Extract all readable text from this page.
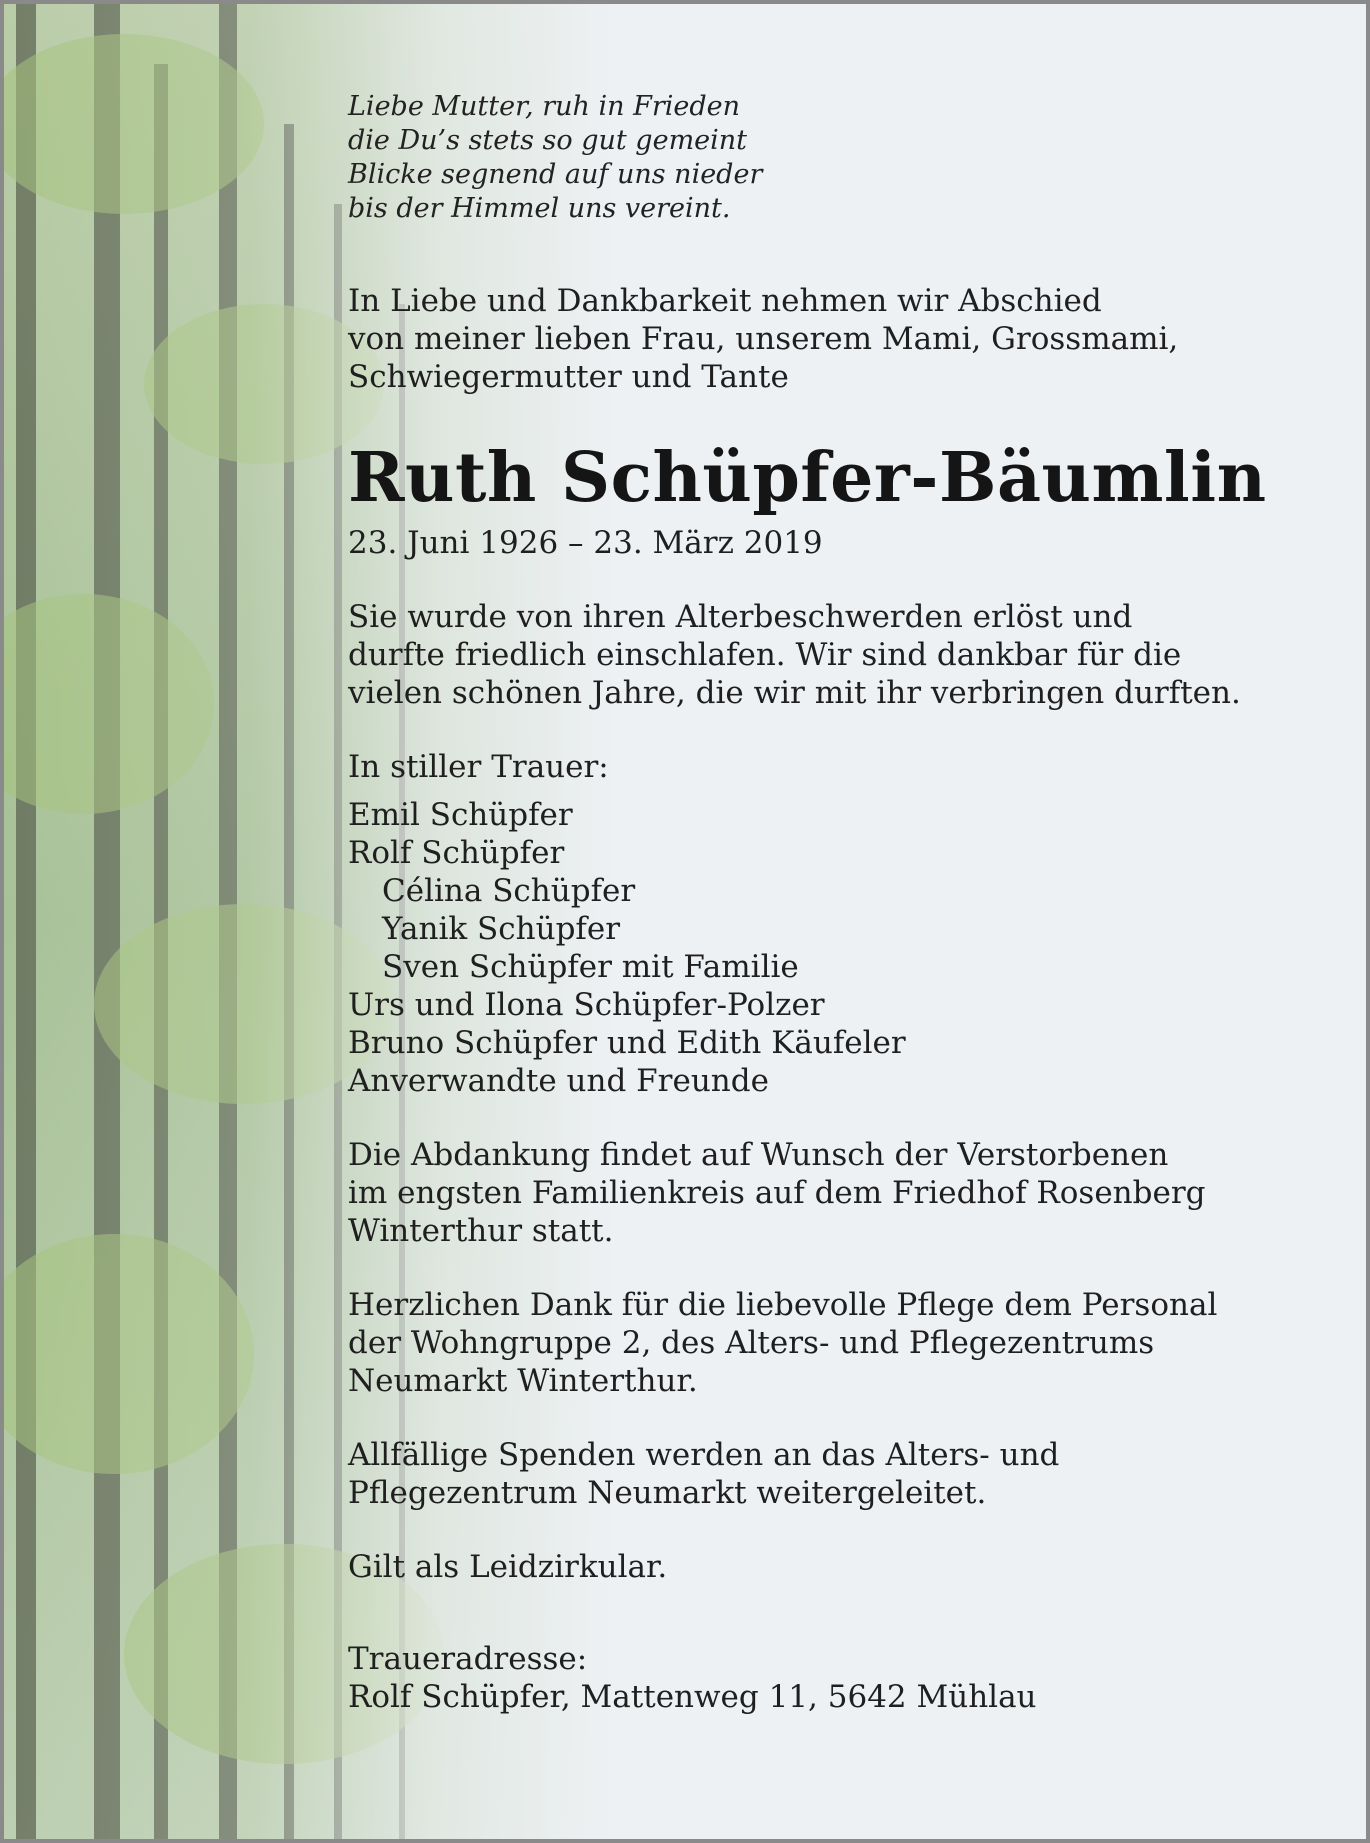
Liebe Mutter, ruh in Frieden
die Du’s stets so gut gemeint
Blicke segnend auf uns nieder
bis der Himmel uns vereint.
In Liebe und Dankbarkeit nehmen wir Abschied
von meiner lieben Frau, unserem Mami, Grossmami,
Schwiegermutter und Tante
Ruth Schüpfer-Bäumlin
23. Juni 1926 – 23. März 2019
Sie wurde von ihren Alterbeschwerden erlöst und
durfte friedlich einschlafen. Wir sind dankbar für die
vielen schönen Jahre, die wir mit ihr verbringen durften.
In stiller Trauer:
Emil Schüpfer
Rolf Schüpfer
Célina Schüpfer
Yanik Schüpfer
Sven Schüpfer mit Familie
Urs und Ilona Schüpfer-Polzer
Bruno Schüpfer und Edith Käufeler
Anverwandte und Freunde
Die Abdankung findet auf Wunsch der Verstorbenen
im engsten Familienkreis auf dem Friedhof Rosenberg
Winterthur statt.
Herzlichen Dank für die liebevolle Pflege dem Personal
der Wohngruppe 2, des Alters- und Pflegezentrums
Neumarkt Winterthur.
Allfällige Spenden werden an das Alters- und
Pflegezentrum Neumarkt weitergeleitet.
Gilt als Leidzirkular.
Traueradresse:
Rolf Schüpfer, Mattenweg 11, 5642 Mühlau
